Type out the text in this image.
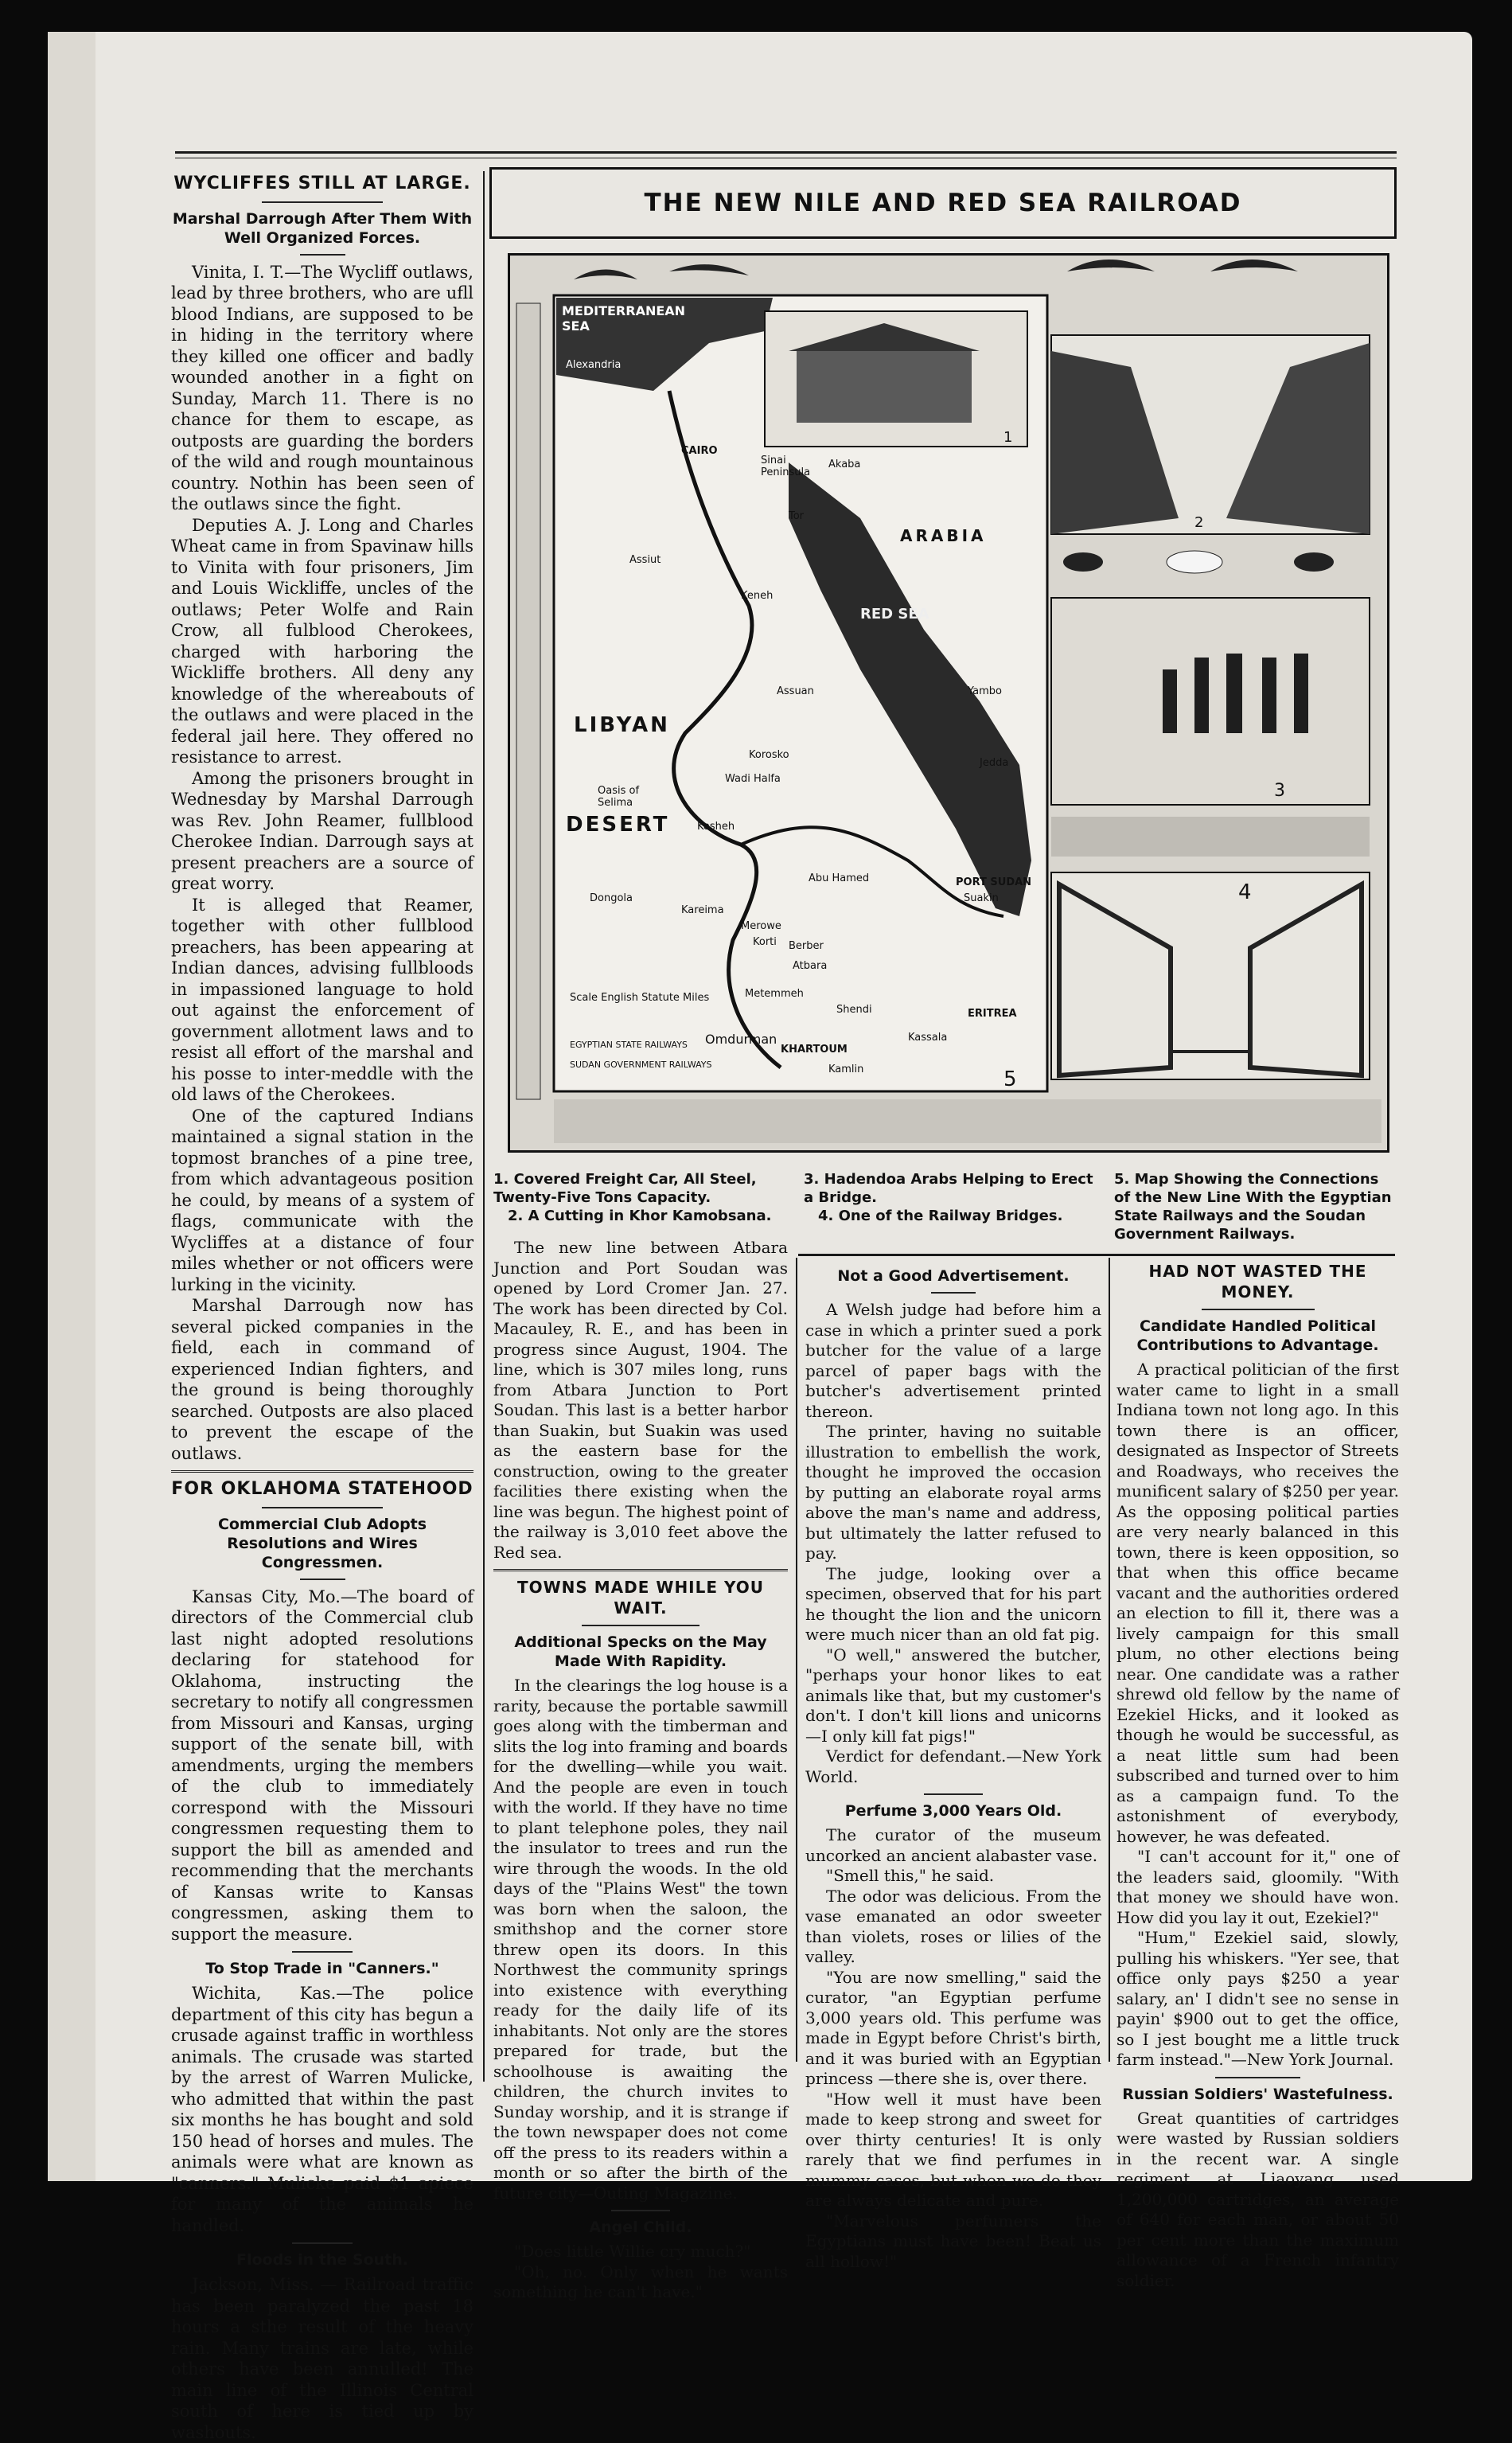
WYCLIFFES STILL AT LARGE.
Marshal Darrough After Them With Well Organized Forces.

Vinita, I. T.—The Wycliff outlaws, lead by three brothers, who are ufll blood Indians, are supposed to be in hiding in the territory where they killed one officer and badly wounded another in a fight on Sunday, March 11. There is no chance for them to escape, as outposts are guarding the borders of the wild and rough mountainous country. Nothin has been seen of the outlaws since the fight.

Deputies A. J. Long and Charles Wheat came in from Spavinaw hills to Vinita with four prisoners, Jim and Louis Wickliffe, uncles of the outlaws; Peter Wolfe and Rain Crow, all fulblood Cherokees, charged with harboring the Wickliffe brothers. All deny any knowledge of the whereabouts of the outlaws and were placed in the federal jail here. They offered no resistance to arrest.

Among the prisoners brought in Wednesday by Marshal Darrough was Rev. John Reamer, fullblood Cherokee Indian. Darrough says at present preachers are a source of great worry.

It is alleged that Reamer, together with other fullblood preachers, has been appearing at Indian dances, advising fullbloods in impassioned language to hold out against the enforcement of government allotment laws and to resist all effort of the marshal and his posse to inter-meddle with the old laws of the Cherokees.

One of the captured Indians maintained a signal station in the topmost branches of a pine tree, from which advantageous position he could, by means of a system of flags, communicate with the Wycliffes at a distance of four miles whether or not officers were lurking in the vicinity.

Marshal Darrough now has several picked companies in the field, each in command of experienced Indian fighters, and the ground is being thoroughly searched. Outposts are also placed to prevent the escape of the outlaws.

FOR OKLAHOMA STATEHOOD
Commercial Club Adopts Resolutions and Wires Congressmen.

Kansas City, Mo.—The board of directors of the Commercial club last night adopted resolutions declaring for statehood for Oklahoma, instructing the secretary to notify all congressmen from Missouri and Kansas, urging support of the senate bill, with amendments, urging the members of the club to immediately correspond with the Missouri congressmen requesting them to support the bill as amended and recommending that the merchants of Kansas write to Kansas congressmen, asking them to support the measure.

To Stop Trade in "Canners."

Wichita, Kas.—The police department of this city has begun a crusade against traffic in worthless animals. The crusade was started by the arrest of Warren Mulicke, who admitted that within the past six months he has bought and sold 150 head of horses and mules. The animals were what are known as "canners." Mulicke paid $1 apiece for many of the animals he handled.

Floods in the South.

Jackson, Miss. — Railroad traffic has been paralyzed the past 18 hours a sthe result of the heavy rain. Many trains are late, while others have been annulled! The main line of the Illinois Central south of here is tied up by washouts.

THE NEW NILE AND RED SEA RAILROAD
MEDITERRANEAN SEA
Alexandria
CAIRO
Sinai Peninsula
Akaba
Tor
ARABIA
Assiut
Keneh
Assuan
LIBYAN
DESERT
Korosko
Wadi Halfa
Oasis of Selima
Kosheh
Dongola
Abu Hamed
Kareima
Merowe
Korti Berber
Atbara
Metemmeh
Shendi
Omdurman
KHARTOUM
Kamlin
Kassala
ERITREA
PORT SUDAN
Suakin
Yambo
Jedda
RED SEA
Scale English Statute Miles
EGYPTIAN STATE RAILWAYS
SUDAN GOVERNMENT RAILWAYS
5
1
2
3
4
1. Covered Freight Car, All Steel, Twenty-Five Tons Capacity.
2. A Cutting in Khor Kamobsana.
3. Hadendoa Arabs Helping to Erect a Bridge.
4. One of the Railway Bridges.
5. Map Showing the Connections of the New Line With the Egyptian State Railways and the Soudan Government Railways.

The new line between Atbara Junction and Port Soudan was opened by Lord Cromer Jan. 27. The work has been directed by Col. Macauley, R. E., and has been in progress since August, 1904. The line, which is 307 miles long, runs from Atbara Junction to Port Soudan. This last is a better harbor than Suakin, but Suakin was used as the eastern base for the construction, owing to the greater facilities there existing when the line was begun. The highest point of the railway is 3,010 feet above the Red sea.

TOWNS MADE WHILE YOU WAIT.
Additional Specks on the May Made With Rapidity.

In the clearings the log house is a rarity, because the portable sawmill goes along with the timberman and slits the log into framing and boards for the dwelling—while you wait. And the people are even in touch with the world. If they have no time to plant telephone poles, they nail the insulator to trees and run the wire through the woods. In the old days of the "Plains West" the town was born when the saloon, the smithshop and the corner store threw open its doors. In this Northwest the community springs into existence with everything ready for the daily life of its inhabitants. Not only are the stores prepared for trade, but the schoolhouse is awaiting the children, the church invites to Sunday worship, and it is strange if the town newspaper does not come off the press to its readers within a month or so after the birth of the future city—Outing Magazine.

Angel Child.

"Does little Willie cry much?"

"Oh, no. Only when he wants something he can't have."

Not a Good Advertisement.

A Welsh judge had before him a case in which a printer sued a pork butcher for the value of a large parcel of paper bags with the butcher's advertisement printed thereon.

The printer, having no suitable illustration to embellish the work, thought he improved the occasion by putting an elaborate royal arms above the man's name and address, but ultimately the latter refused to pay.

The judge, looking over a specimen, observed that for his part he thought the lion and the unicorn were much nicer than an old fat pig.

"O well," answered the butcher, "perhaps your honor likes to eat animals like that, but my customer's don't. I don't kill lions and unicorns —I only kill fat pigs!"

Verdict for defendant.—New York World.

Perfume 3,000 Years Old.

The curator of the museum uncorked an ancient alabaster vase.

"Smell this," he said.

The odor was delicious. From the vase emanated an odor sweeter than violets, roses or lilies of the valley.

"You are now smelling," said the curator, "an Egyptian perfume 3,000 years old. This perfume was made in Egypt before Christ's birth, and it was buried with an Egyptian princess —there she is, over there.

"How well it must have been made to keep strong and sweet for over thirty centuries! It is only rarely that we find perfumes in mummy cases, but when we do they are always delicate and pure.

"Marvelous perfumers the Egyptians must have been! Beat us all hollow!"

HAD NOT WASTED THE MONEY.
Candidate Handled Political Contributions to Advantage.

A practical politician of the first water came to light in a small Indiana town not long ago. In this town there is an officer, designated as Inspector of Streets and Roadways, who receives the munificent salary of $250 per year. As the opposing political parties are very nearly balanced in this town, there is keen opposition, so that when this office became vacant and the authorities ordered an election to fill it, there was a lively campaign for this small plum, no other elections being near. One candidate was a rather shrewd old fellow by the name of Ezekiel Hicks, and it looked as though he would be successful, as a neat little sum had been subscribed and turned over to him as a campaign fund. To the astonishment of everybody, however, he was defeated.

"I can't account for it," one of the leaders said, gloomily. "With that money we should have won. How did you lay it out, Ezekiel?"

"Hum," Ezekiel said, slowly, pulling his whiskers. "Yer see, that office only pays $250 a year salary, an' I didn't see no sense in payin' $900 out to get the office, so I jest bought me a little truck farm instead."—New York Journal.

Russian Soldiers' Wastefulness.

Great quantities of cartridges were wasted by Russian soldiers in the recent war. A single regiment at Liaoyang used 1,200,000 cartridges, an average of 640 for each man, or about 50 per cent more than the maximum allowance of a French infantry soldier.
